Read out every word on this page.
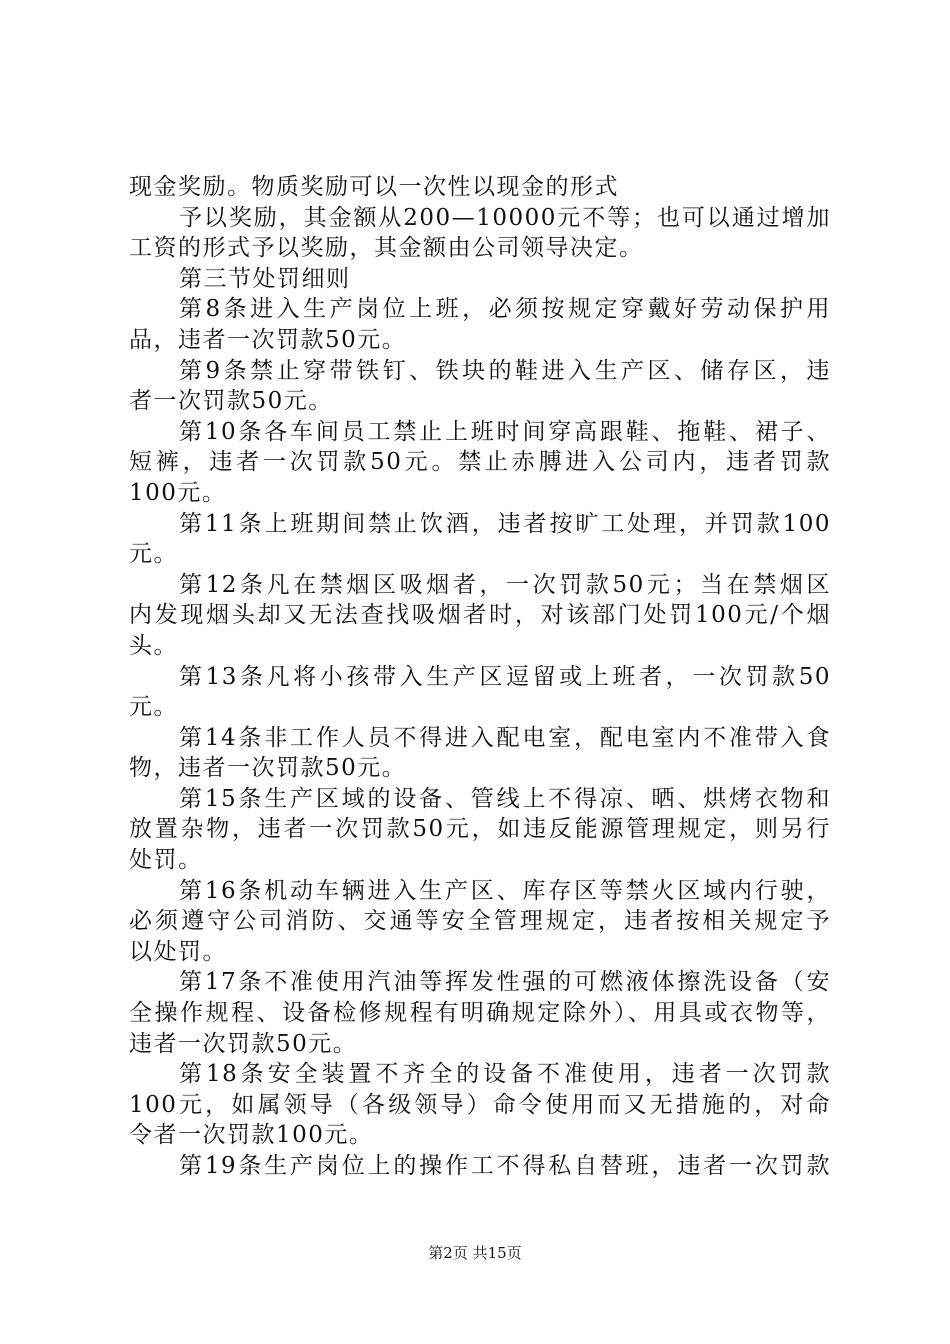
现金奖励。物质奖励可以一次性以现金的形式
予以奖励，其金额从200—10000元不等；也可以通过增加
工资的形式予以奖励，其金额由公司领导决定。
第三节处罚细则
第8条进入生产岗位上班，必须按规定穿戴好劳动保护用
品，违者一次罚款50元。
第9条禁止穿带铁钉、铁块的鞋进入生产区、储存区，违
者一次罚款50元。
第10条各车间员工禁止上班时间穿高跟鞋、拖鞋、裙子、
短裤，违者一次罚款50元。禁止赤膊进入公司内，违者罚款
100元。
第11条上班期间禁止饮酒，违者按旷工处理，并罚款100
元。
第12条凡在禁烟区吸烟者，一次罚款50元；当在禁烟区
内发现烟头却又无法查找吸烟者时，对该部门处罚100元/个烟
头。
第13条凡将小孩带入生产区逗留或上班者，一次罚款50
元。
第14条非工作人员不得进入配电室，配电室内不准带入食
物，违者一次罚款50元。
第15条生产区域的设备、管线上不得凉、晒、烘烤衣物和
放置杂物，违者一次罚款50元，如违反能源管理规定，则另行
处罚。
第16条机动车辆进入生产区、库存区等禁火区域内行驶，
必须遵守公司消防、交通等安全管理规定，违者按相关规定予
以处罚。
第17条不准使用汽油等挥发性强的可燃液体擦洗设备（安
全操作规程、设备检修规程有明确规定除外）、用具或衣物等，
违者一次罚款50元。
第18条安全装置不齐全的设备不准使用，违者一次罚款
100元，如属领导（各级领导）命令使用而又无措施的，对命
令者一次罚款100元。
第19条生产岗位上的操作工不得私自替班，违者一次罚款
第2页 共15页
